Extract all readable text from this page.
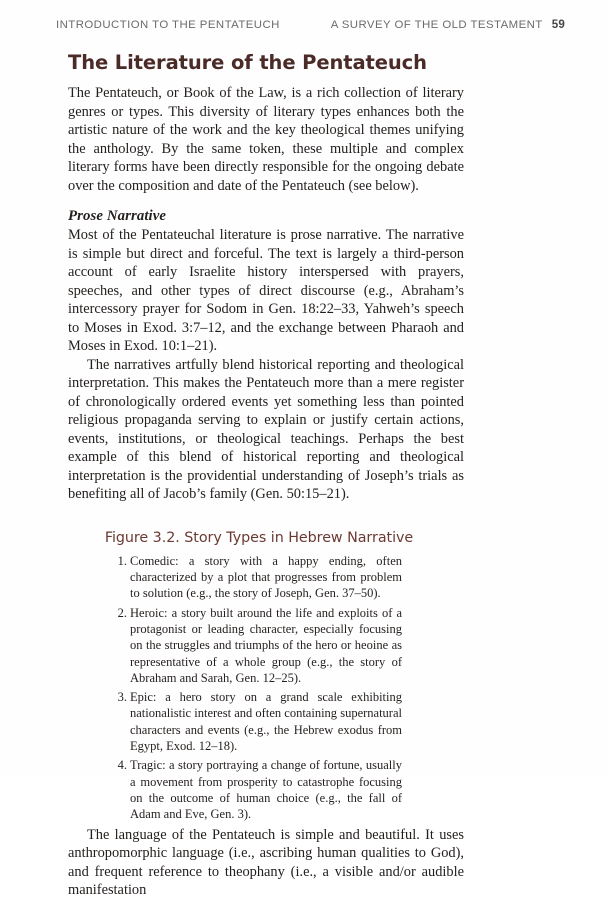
INTRODUCTION TO THE PENTATEUCH	A SURVEY OF THE OLD TESTAMENT 59
The Literature of the Pentateuch

The Pentateuch, or Book of the Law, is a rich collection of literary genres or types. This diversity of literary types enhances both the artistic nature of the work and the key theological themes unifying the anthology. By the same token, these multiple and complex literary forms have been directly responsible for the ongoing debate over the composition and date of the Pentateuch (see below).

Prose Narrative

Most of the Pentateuchal literature is prose narrative. The narrative is simple but direct and forceful. The text is largely a third-person account of early Israelite history interspersed with prayers, speeches, and other types of direct discourse (e.g., Abraham’s intercessory prayer for Sodom in Gen. 18:22–33, Yahweh’s speech to Moses in Exod. 3:7–12, and the exchange between Pharaoh and Moses in Exod. 10:1–21).

The narratives artfully blend historical reporting and theological interpretation. This makes the Pentateuch more than a mere register of chronologically ordered events yet something less than pointed religious propaganda serving to explain or justify certain actions, events, institutions, or theological teachings. Perhaps the best example of this blend of historical reporting and theological interpretation is the providential understanding of Joseph’s trials as benefiting all of Jacob’s family (Gen. 50:15–21).

Figure 3.2. Story Types in Hebrew Narrative
Comedic: a story with a happy ending, often characterized by a plot that progresses from problem to solution (e.g., the story of Joseph, Gen. 37–50).
Heroic: a story built around the life and exploits of a protagonist or leading character, especially focusing on the struggles and triumphs of the hero or heoine as representative of a whole group (e.g., the story of Abraham and Sarah, Gen. 12–25).
Epic: a hero story on a grand scale exhibiting nationalistic interest and often containing supernatural characters and events (e.g., the Hebrew exodus from Egypt, Exod. 12–18).
Tragic: a story portraying a change of fortune, usually a movement from prosperity to catastrophe focusing on the outcome of human choice (e.g., the fall of Adam and Eve, Gen. 3).

The language of the Pentateuch is simple and beautiful. It uses anthropomorphic language (i.e., ascribing human qualities to God), and frequent reference to theophany (i.e., a visible and/or audible manifestation
